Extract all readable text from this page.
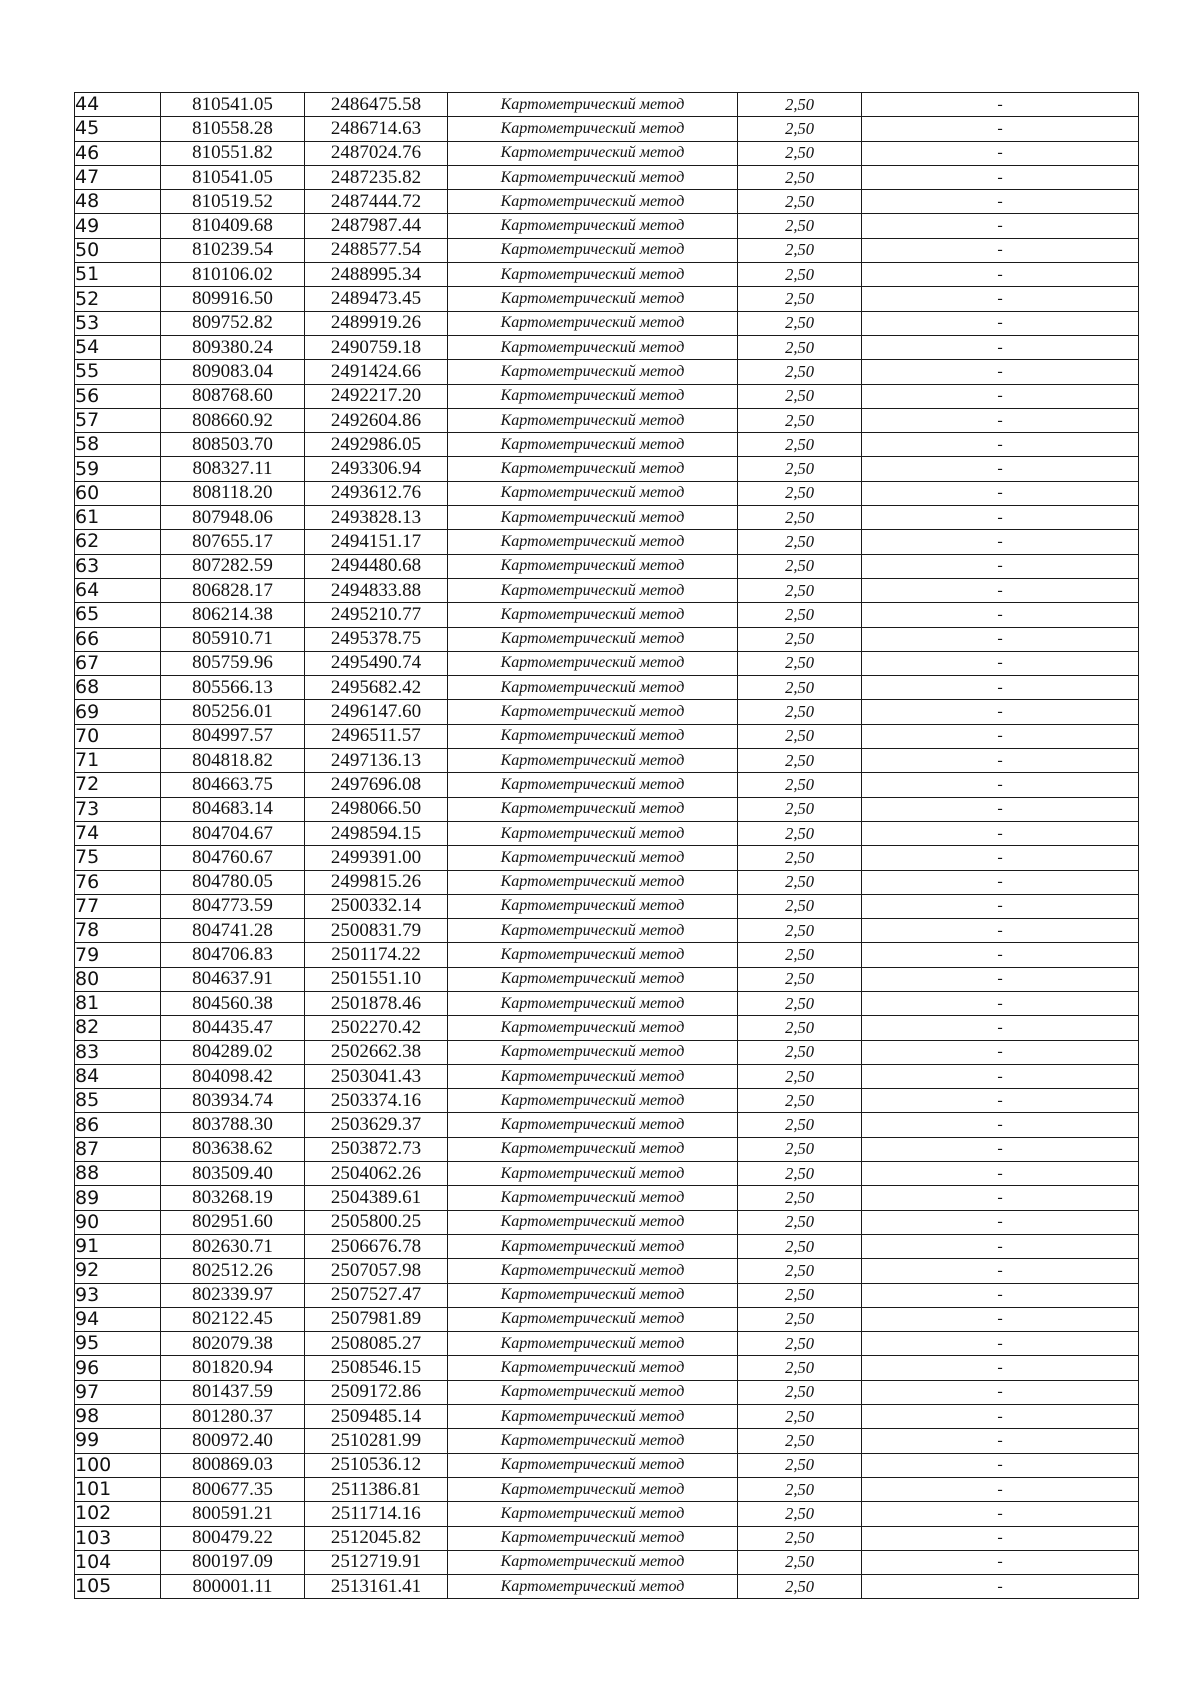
44	810541.05	2486475.58	Картометрический метод	2,50	-
45	810558.28	2486714.63	Картометрический метод	2,50	-
46	810551.82	2487024.76	Картометрический метод	2,50	-
47	810541.05	2487235.82	Картометрический метод	2,50	-
48	810519.52	2487444.72	Картометрический метод	2,50	-
49	810409.68	2487987.44	Картометрический метод	2,50	-
50	810239.54	2488577.54	Картометрический метод	2,50	-
51	810106.02	2488995.34	Картометрический метод	2,50	-
52	809916.50	2489473.45	Картометрический метод	2,50	-
53	809752.82	2489919.26	Картометрический метод	2,50	-
54	809380.24	2490759.18	Картометрический метод	2,50	-
55	809083.04	2491424.66	Картометрический метод	2,50	-
56	808768.60	2492217.20	Картометрический метод	2,50	-
57	808660.92	2492604.86	Картометрический метод	2,50	-
58	808503.70	2492986.05	Картометрический метод	2,50	-
59	808327.11	2493306.94	Картометрический метод	2,50	-
60	808118.20	2493612.76	Картометрический метод	2,50	-
61	807948.06	2493828.13	Картометрический метод	2,50	-
62	807655.17	2494151.17	Картометрический метод	2,50	-
63	807282.59	2494480.68	Картометрический метод	2,50	-
64	806828.17	2494833.88	Картометрический метод	2,50	-
65	806214.38	2495210.77	Картометрический метод	2,50	-
66	805910.71	2495378.75	Картометрический метод	2,50	-
67	805759.96	2495490.74	Картометрический метод	2,50	-
68	805566.13	2495682.42	Картометрический метод	2,50	-
69	805256.01	2496147.60	Картометрический метод	2,50	-
70	804997.57	2496511.57	Картометрический метод	2,50	-
71	804818.82	2497136.13	Картометрический метод	2,50	-
72	804663.75	2497696.08	Картометрический метод	2,50	-
73	804683.14	2498066.50	Картометрический метод	2,50	-
74	804704.67	2498594.15	Картометрический метод	2,50	-
75	804760.67	2499391.00	Картометрический метод	2,50	-
76	804780.05	2499815.26	Картометрический метод	2,50	-
77	804773.59	2500332.14	Картометрический метод	2,50	-
78	804741.28	2500831.79	Картометрический метод	2,50	-
79	804706.83	2501174.22	Картометрический метод	2,50	-
80	804637.91	2501551.10	Картометрический метод	2,50	-
81	804560.38	2501878.46	Картометрический метод	2,50	-
82	804435.47	2502270.42	Картометрический метод	2,50	-
83	804289.02	2502662.38	Картометрический метод	2,50	-
84	804098.42	2503041.43	Картометрический метод	2,50	-
85	803934.74	2503374.16	Картометрический метод	2,50	-
86	803788.30	2503629.37	Картометрический метод	2,50	-
87	803638.62	2503872.73	Картометрический метод	2,50	-
88	803509.40	2504062.26	Картометрический метод	2,50	-
89	803268.19	2504389.61	Картометрический метод	2,50	-
90	802951.60	2505800.25	Картометрический метод	2,50	-
91	802630.71	2506676.78	Картометрический метод	2,50	-
92	802512.26	2507057.98	Картометрический метод	2,50	-
93	802339.97	2507527.47	Картометрический метод	2,50	-
94	802122.45	2507981.89	Картометрический метод	2,50	-
95	802079.38	2508085.27	Картометрический метод	2,50	-
96	801820.94	2508546.15	Картометрический метод	2,50	-
97	801437.59	2509172.86	Картометрический метод	2,50	-
98	801280.37	2509485.14	Картометрический метод	2,50	-
99	800972.40	2510281.99	Картометрический метод	2,50	-
100	800869.03	2510536.12	Картометрический метод	2,50	-
101	800677.35	2511386.81	Картометрический метод	2,50	-
102	800591.21	2511714.16	Картометрический метод	2,50	-
103	800479.22	2512045.82	Картометрический метод	2,50	-
104	800197.09	2512719.91	Картометрический метод	2,50	-
105	800001.11	2513161.41	Картометрический метод	2,50	-
